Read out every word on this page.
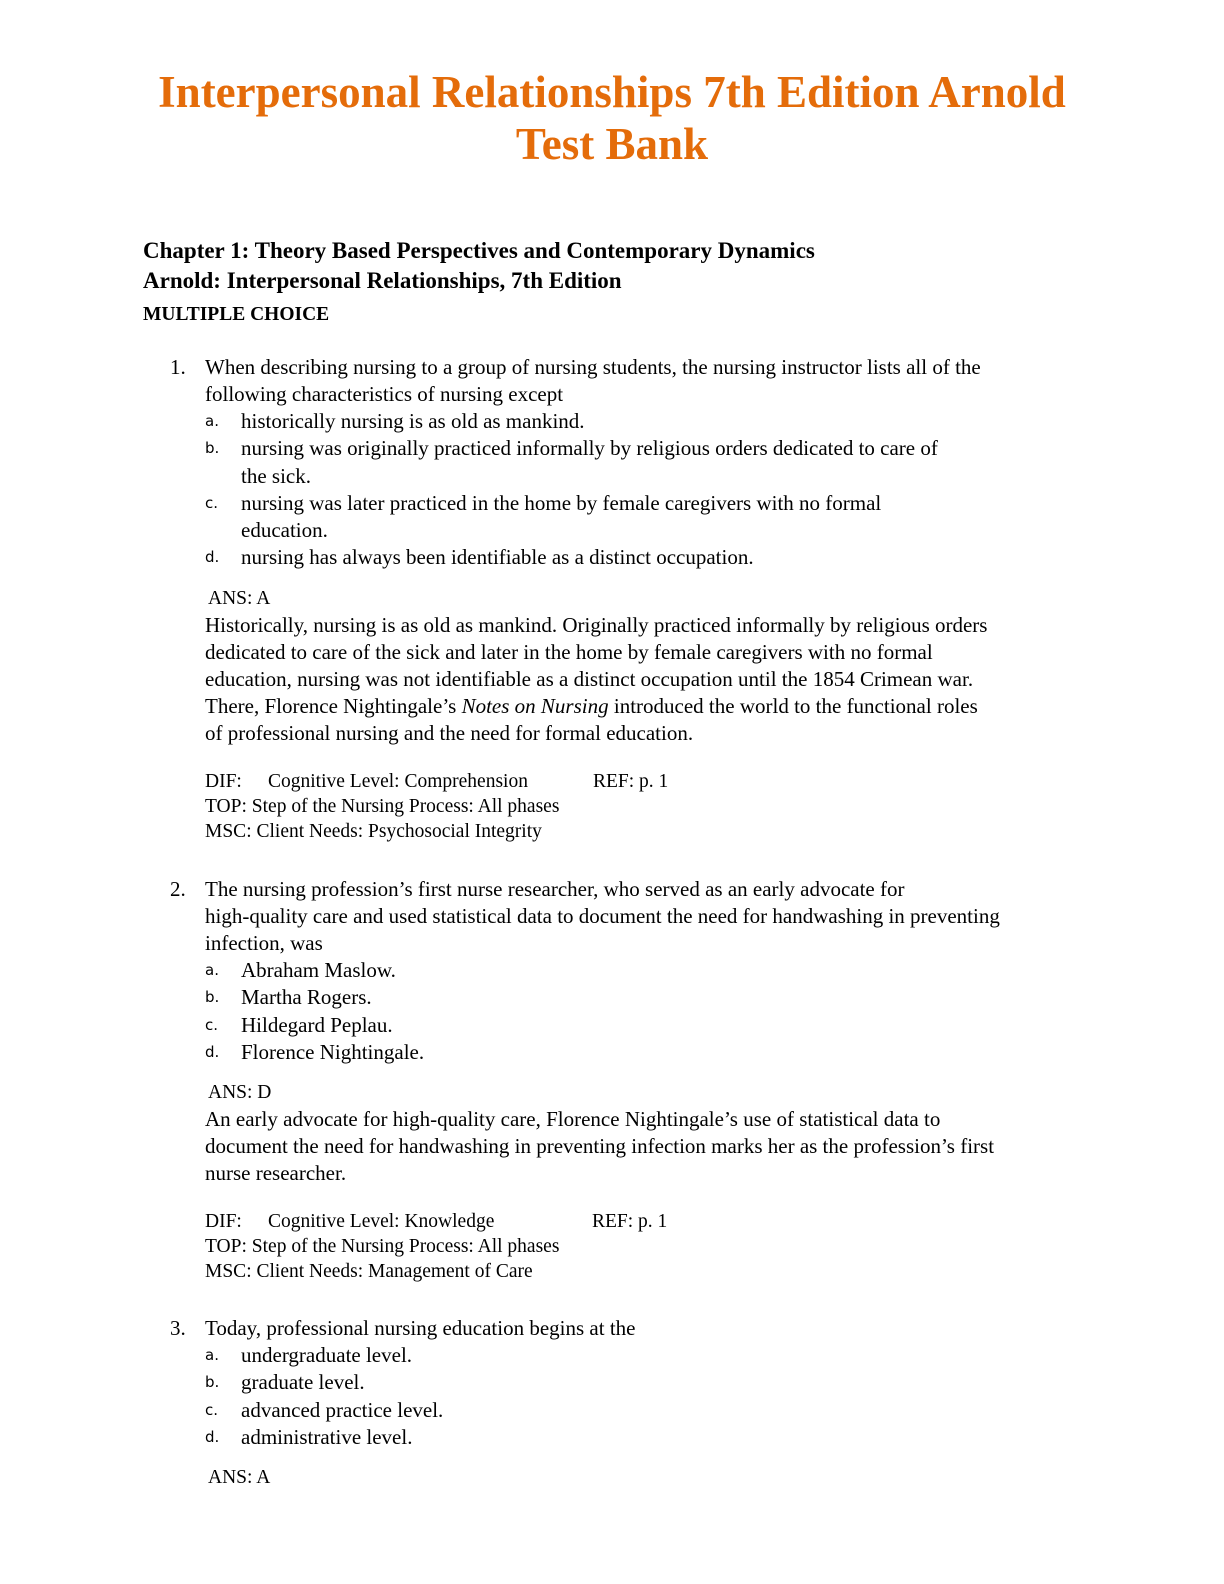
Interpersonal Relationships 7th Edition Arnold
Test Bank
Chapter 1: Theory Based Perspectives and Contemporary Dynamics
Arnold: Interpersonal Relationships, 7th Edition
MULTIPLE CHOICE
1. When describing nursing to a group of nursing students, the nursing instructor lists all of the
following characteristics of nursing except
a. historically nursing is as old as mankind.
b. nursing was originally practiced informally by religious orders dedicated to care of
the sick.
c. nursing was later practiced in the home by female caregivers with no formal
education.
d. nursing has always been identifiable as a distinct occupation.
ANS: A
Historically, nursing is as old as mankind. Originally practiced informally by religious orders
dedicated to care of the sick and later in the home by female caregivers with no formal
education, nursing was not identifiable as a distinct occupation until the 1854 Crimean war.
There, Florence Nightingale’s Notes on Nursing introduced the world to the functional roles
of professional nursing and the need for formal education.
DIF: Cognitive Level: Comprehension	REF: p. 1
TOP: Step of the Nursing Process: All phases
MSC: Client Needs: Psychosocial Integrity
2. The nursing profession’s first nurse researcher, who served as an early advocate for
high-quality care and used statistical data to document the need for handwashing in preventing
infection, was
a. Abraham Maslow.
b. Martha Rogers.
c. Hildegard Peplau.
d. Florence Nightingale.
ANS: D
An early advocate for high-quality care, Florence Nightingale’s use of statistical data to
document the need for handwashing in preventing infection marks her as the profession’s first
nurse researcher.
DIF: Cognitive Level: Knowledge	REF: p. 1
TOP: Step of the Nursing Process: All phases
MSC: Client Needs: Management of Care
3. Today, professional nursing education begins at the
a. undergraduate level.
b. graduate level.
c. advanced practice level.
d. administrative level.
ANS: A
